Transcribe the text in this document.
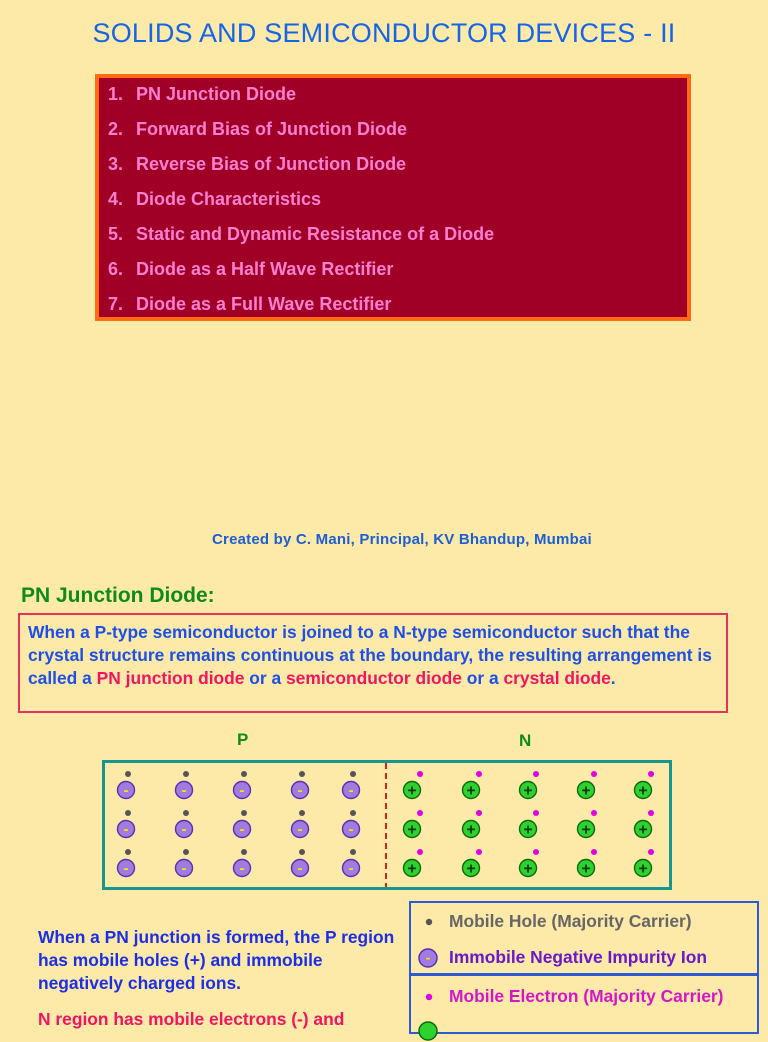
SOLIDS AND SEMICONDUCTOR DEVICES - II
1. PN Junction Diode
2. Forward Bias of Junction Diode
3. Reverse Bias of Junction Diode
4. Diode Characteristics
5. Static and Dynamic Resistance of a Diode
6. Diode as a Half Wave Rectifier
7. Diode as a Full Wave Rectifier
Created by C. Mani, Principal, KV Bhandup, Mumbai
PN Junction Diode:
When a P-type semiconductor is joined to a N-type semiconductor such that the crystal structure remains continuous at the boundary, the resulting arrangement is called a PN junction diode or a semiconductor diode or a crystal diode.
P	N
-	-	-	-	-	+	+	+	+	+
-	-	-	-	-	+	+	+	+	+
-	-	-	-	-	+	+	+	+	+
When a PN junction is formed, the P region has mobile holes (+) and immobile negatively charged ions.
N region has mobile electrons (-) and
Mobile Hole (Majority Carrier)
- Immobile Negative Impurity Ion
Mobile Electron (Majority Carrier)
